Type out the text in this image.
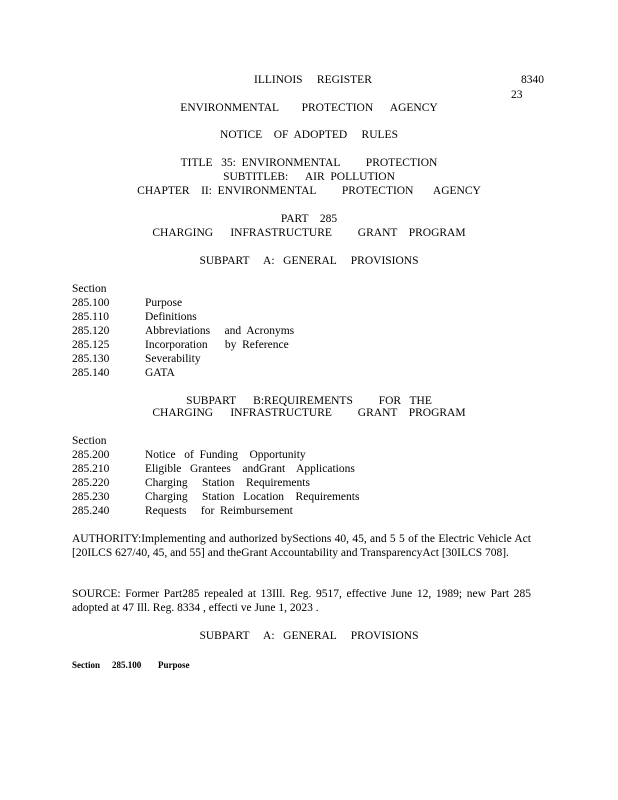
ILLINOIS     REGISTER	8340
23
ENVIRONMENTAL        PROTECTION      AGENCY
NOTICE    OF  ADOPTED     RULES
TITLE   35:  ENVIRONMENTAL         PROTECTION
SUBTITLEB:      AIR  POLLUTION
CHAPTER    II:  ENVIRONMENTAL         PROTECTION       AGENCY
PART    285
CHARGING      INFRASTRUCTURE         GRANT    PROGRAM
SUBPART     A:   GENERAL     PROVISIONS
Section
285.100	Purpose
285.110	Definitions
285.120	Abbreviations     and  Acronyms
285.125	Incorporation      by  Reference
285.130	Severability
285.140	GATA
SUBPART      B:REQUIREMENTS         FOR   THE
CHARGING      INFRASTRUCTURE         GRANT    PROGRAM
Section
285.200	Notice   of  Funding    Opportunity
285.210	Eligible   Grantees    andGrant    Applications
285.220	Charging     Station    Requirements
285.230	Charging     Station   Location    Requirements
285.240	Requests     for  Reimbursement
AUTHORITY:Implementing and authorized bySections 40, 45, and 5 5 of the Electric Vehicle Act [20ILCS 627/40, 45, and 55] and theGrant Accountability and TransparencyAct [30ILCS 708].
SOURCE: Former Part285 repealed at 13Ill. Reg. 9517, effective June 12, 1989; new Part 285 adopted at 47 Ill. Reg. 8334 , effecti ve June 1, 2023 .
SUBPART     A:   GENERAL     PROVISIONS
Section 285.100 Purpose
